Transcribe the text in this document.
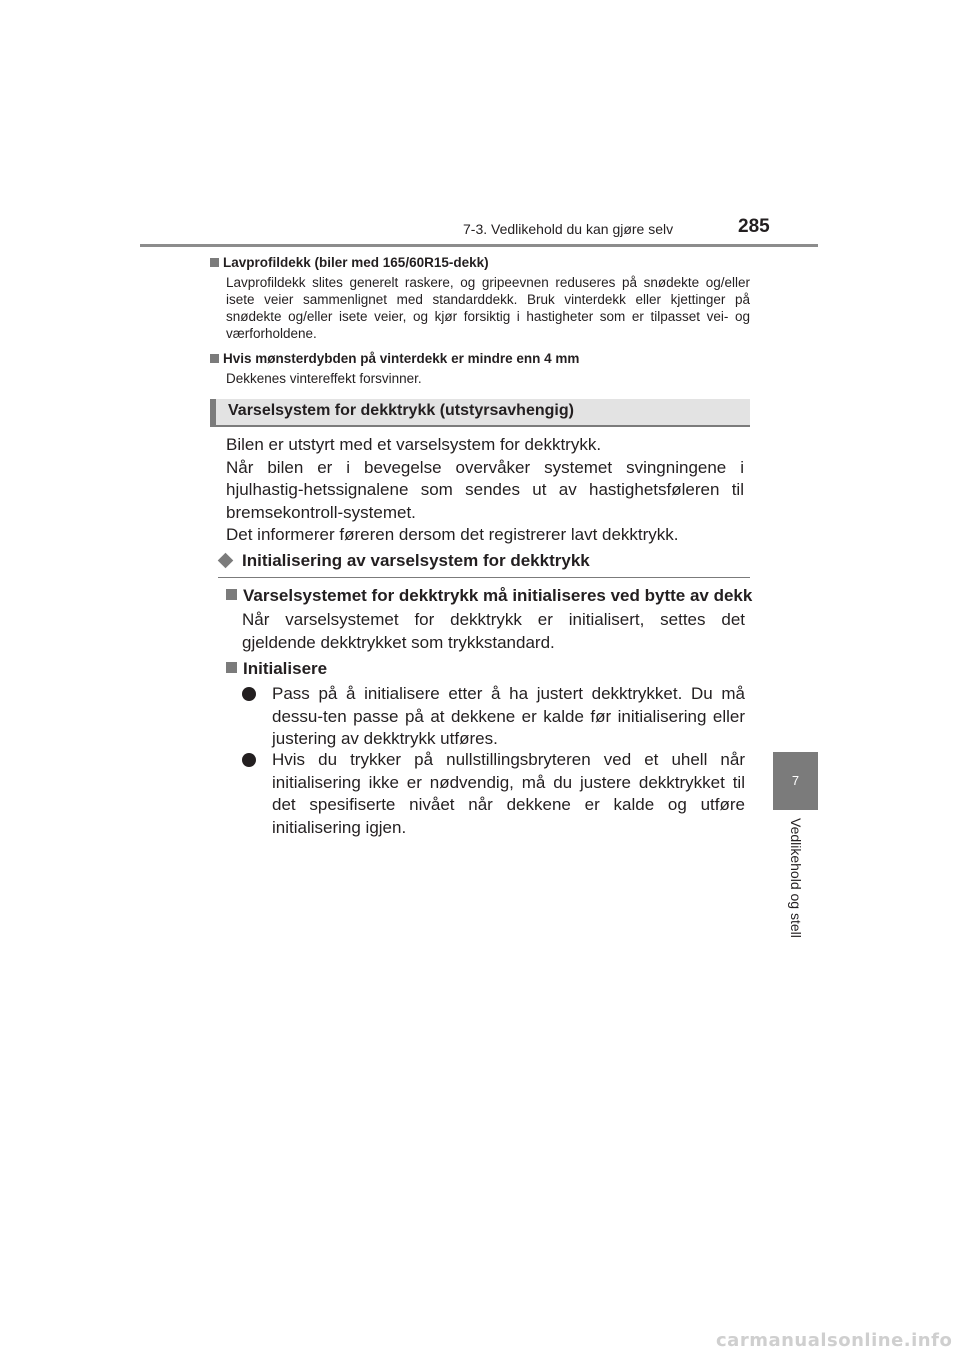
7-3. Vedlikehold du kan gjøre selv	285
7
Vedlikehold og stell

Lavprofildekk (biler med 165/60R15-dekk)

Lavprofildekk slites generelt raskere, og gripeevnen reduseres på snødekte og/eller isete veier sammenlignet med standarddekk. Bruk vinterdekk eller kjettinger på snødekte og/eller isete veier, og kjør forsiktig i hastigheter som er tilpasset vei- og værforholdene.

Hvis mønsterdybden på vinterdekk er mindre enn 4 mm

Dekkenes vintereffekt forsvinner.

Varselsystem for dekktrykk (utstyrsavhengig)

Bilen er utstyrt med et varselsystem for dekktrykk.

Når bilen er i bevegelse overvåker systemet svingningene i hjulhastig-hetssignalene som sendes ut av hastighetsføleren til bremsekontroll-systemet.

Det informerer føreren dersom det registrerer lavt dekktrykk.

Initialisering av varselsystem for dekktrykk
Varselsystemet for dekktrykk må initialiseres ved bytte av dekk

Når varselsystemet for dekktrykk er initialisert, settes det gjeldende dekktrykket som trykkstandard.

Initialisere
Pass på å initialisere etter å ha justert dekktrykket. Du må dessu-ten passe på at dekkene er kalde før initialisering eller justering av dekktrykk utføres.
Hvis du trykker på nullstillingsbryteren ved et uhell når initialisering ikke er nødvendig, må du justere dekktrykket til det spesifiserte nivået når dekkene er kalde og utføre initialisering igjen.
carmanualsonline.info
